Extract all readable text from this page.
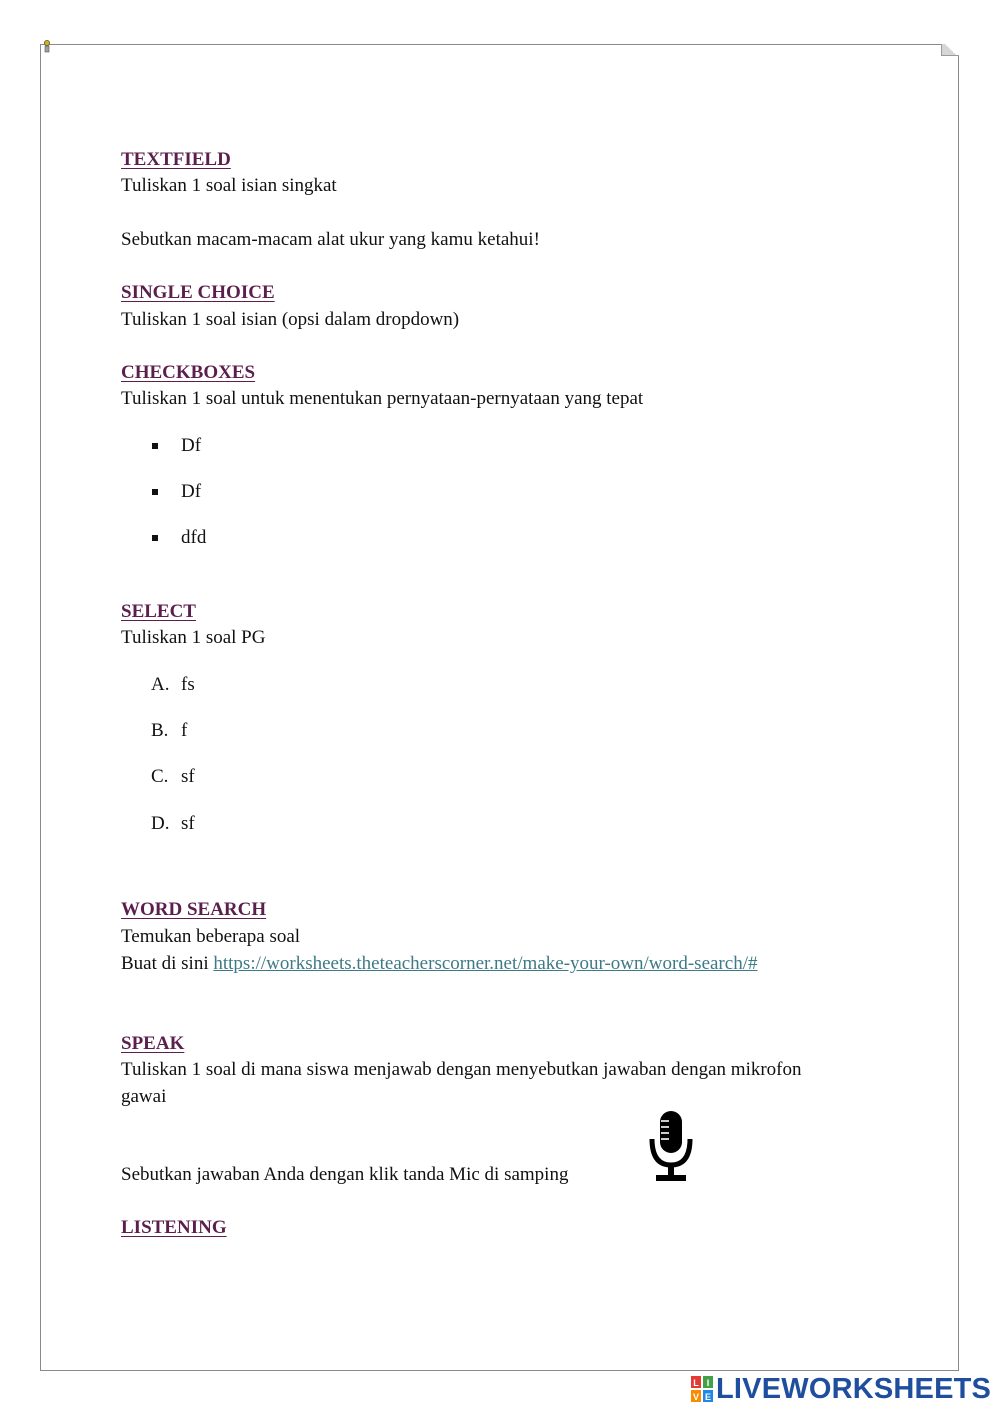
TEXTFIELD
Tuliskan 1 soal isian singkat
Sebutkan macam-macam alat ukur yang kamu ketahui!
SINGLE CHOICE
Tuliskan 1 soal isian (opsi dalam dropdown)
CHECKBOXES
Tuliskan 1 soal untuk menentukan pernyataan-pernyataan yang tepat
Df
Df
dfd
SELECT
Tuliskan 1 soal PG
A. fs
B. f
C. sf
D. sf
WORD SEARCH
Temukan beberapa soal
Buat di sini https://worksheets.theteacherscorner.net/make-your-own/word-search/#
SPEAK
Tuliskan 1 soal di mana siswa menjawab dengan menyebutkan jawaban dengan mikrofon
gawai
Sebutkan jawaban Anda dengan klik tanda Mic di samping
LISTENING
L I
V E LIVEWORKSHEETS
